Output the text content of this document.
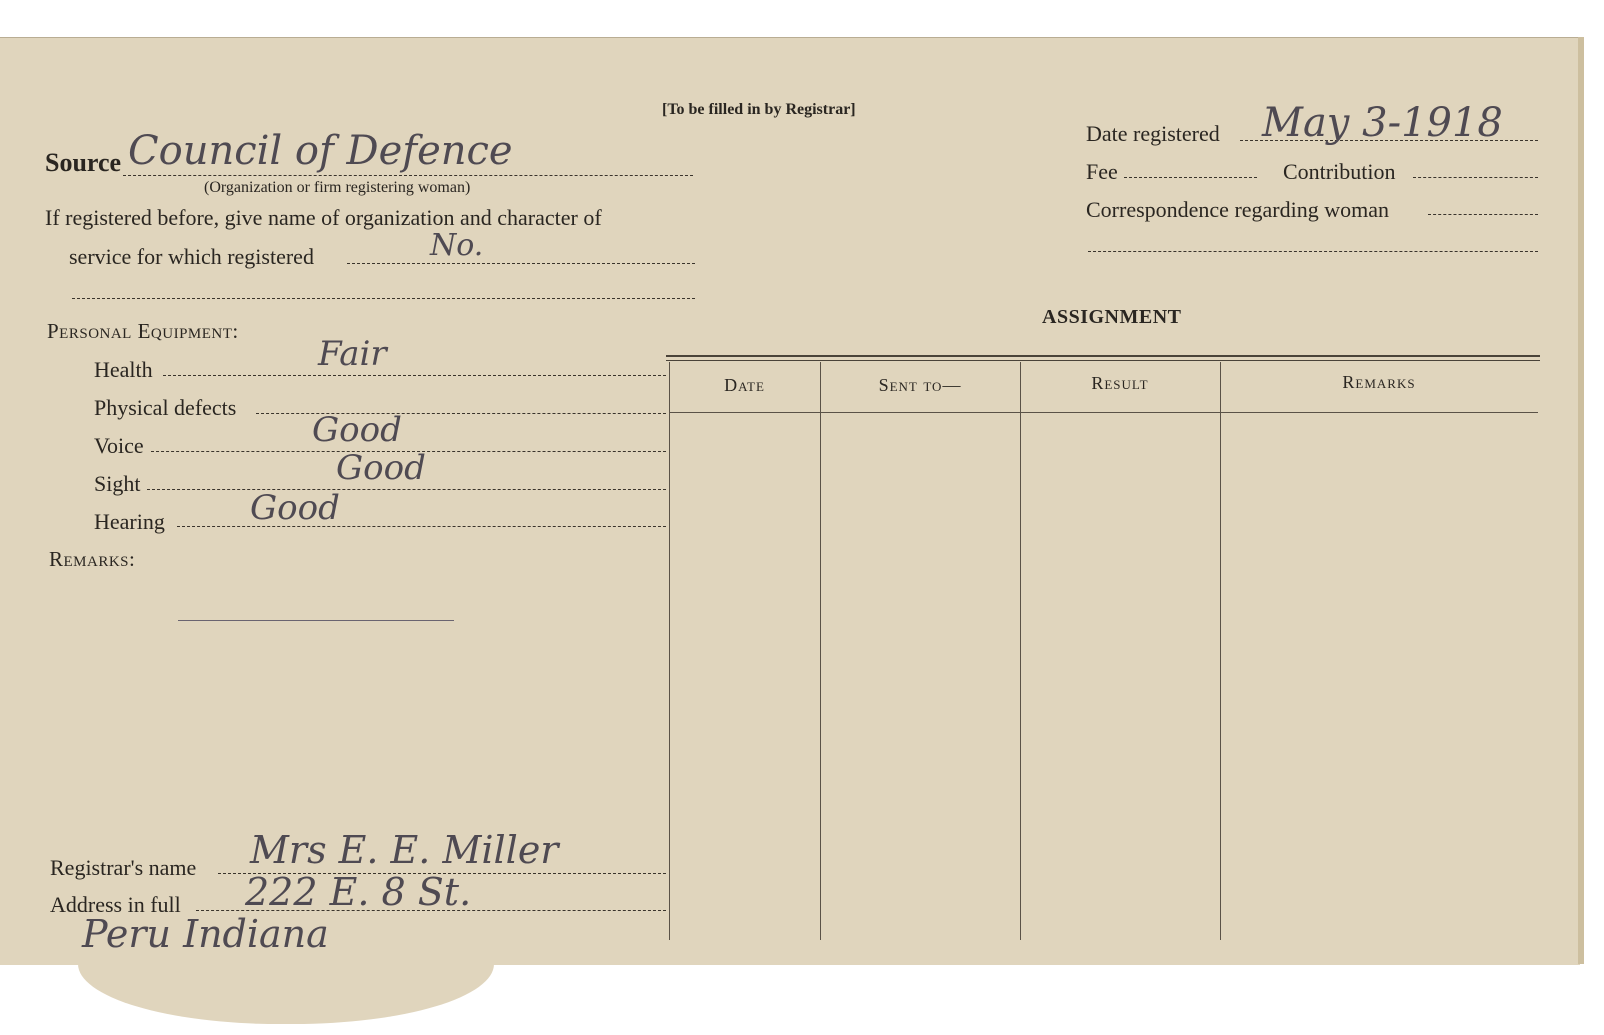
[To be filled in by Registrar]
Source Council of Defence
(Organization or firm registering woman)
If registered before, give name of organization and character of
service for which registered	No.
Personal Equipment:
Health	Fair
Physical defects
Voice	Good
Sight	Good
Hearing	Good
Remarks:
Registrar's name Mrs E. E. Miller
Address in full 222 E. 8 St.
Peru Indiana
Date registered May 3-1918
Fee	Contribution
Correspondence regarding woman
ASSIGNMENT
Date	Sent to—	Result	Remarks
